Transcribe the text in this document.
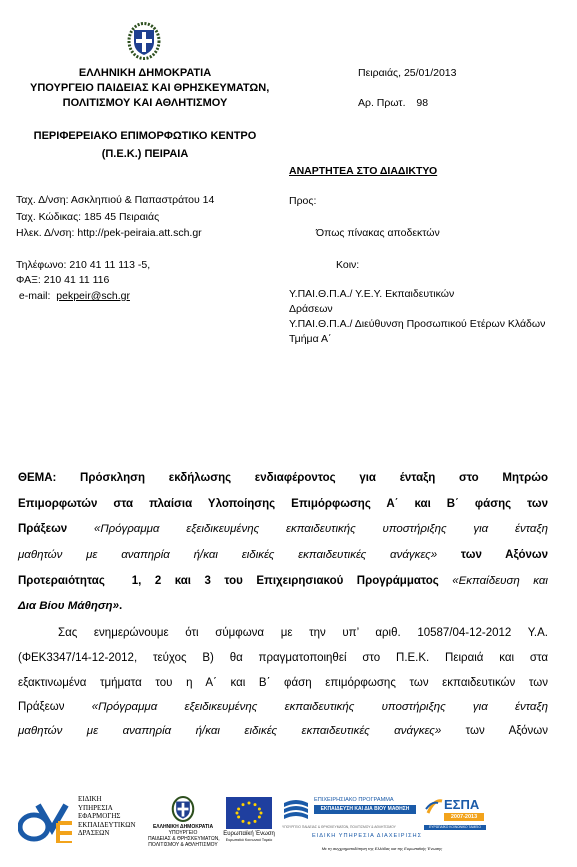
ΕΛΛΗΝΙΚΗ ΔΗΜΟΚΡΑΤΙΑ
ΥΠΟΥΡΓΕΙΟ ΠΑΙΔΕΙΑΣ ΚΑΙ ΘΡΗΣΚΕΥΜΑΤΩΝ,
ΠΟΛΙΤΙΣΜΟΥ ΚΑΙ ΑΘΛΗΤΙΣΜΟΥ
ΠΕΡΙΦΕΡΕΙΑΚΟ ΕΠΙΜΟΡΦΩΤΙΚΟ ΚΕΝΤΡΟ
(Π.Ε.Κ.) ΠΕΙΡΑΙΑ
Ταχ. Δ/νση: Ασκληπιού & Παπαστράτου 14
Ταχ. Κώδικας: 185 45 Πειραιάς
Ηλεκ. Δ/νση: http://pek-peiraia.att.sch.gr
Τηλέφωνο: 210 41 11 113 -5,
ΦΑΞ: 210 41 11 116
e-mail:  pekpeir@sch.gr
Πειραιάς, 25/01/2013
Αρ. Πρωτ. 98
ΑΝΑΡΤΗΤΕΑ ΣΤΟ ΔΙΑΔΙΚΤΥΟ
Προς:
Όπως πίνακας αποδεκτών
Κοιν:
Υ.ΠΑΙ.Θ.Π.Α./ Υ.Ε.Υ. Εκπαιδευτικών
Δράσεων
Υ.ΠΑΙ.Θ.Π.Α./ Διεύθυνση Προσωπικού Ετέρων Κλάδων
Τμήμα Α΄
ΘΕΜΑ: Πρόσκληση εκδήλωσης ενδιαφέροντος για ένταξη στο Μητρώο
Επιμορφωτών στα πλαίσια Υλοποίησης Επιμόρφωσης Α΄ και Β΄ φάσης των
Πράξεων «Πρόγραμμα εξειδικευμένης εκπαιδευτικής υποστήριξης για ένταξη
μαθητών με αναπηρία ή/και ειδικές εκπαιδευτικές ανάγκες» των Αξόνων
Προτεραιότητας  1, 2 και 3 του Επιχειρησιακού Προγράμματος «Εκπαίδευση και
Δια Βίου Μάθηση».
Σας ενημερώνουμε ότι σύμφωνα με την υπ’ αριθ. 10587/04-12-2012 Υ.Α.
(ΦΕΚ3347/14-12-2012, τεύχος Β) θα πραγματοποιηθεί στο Π.Ε.Κ. Πειραιά και στα
εξακτινωμένα τμήματα του η Α΄ και Β΄ φάση επιμόρφωσης των εκπαιδευτικών των
Πράξεων «Πρόγραμμα εξειδικευμένης εκπαιδευτικής υποστήριξης για ένταξη
μαθητών με αναπηρία ή/και ειδικές εκπαιδευτικές ανάγκες» των Αξόνων
ΕΙΔΙΚΗ
ΥΠΗΡΕΣΙΑ
ΕΦΑΡΜΟΓΗΣ
ΕΚΠΑΙΔΕΥΤΙΚΩΝ
ΔΡΑΣΕΩΝ
ΕΛΛΗΝΙΚΗ ΔΗΜΟΚΡΑΤΙΑ
ΥΠΟΥΡΓΕΙΟ
ΠΑΙΔΕΙΑΣ & ΘΡΗΣΚΕΥΜΑΤΩΝ,
ΠΟΛΙΤΙΣΜΟΥ & ΑΘΛΗΤΙΣΜΟΥ
Ευρωπαϊκή Ένωση
Ευρωπαϊκό Κοινωνικό Ταμείο
ΕΠΙΧΕΙΡΗΣΙΑΚΟ ΠΡΟΓΡΑΜΜΑ
ΕΚΠΑΙΔΕΥΣΗ ΚΑΙ ΔΙΑ ΒΙΟΥ ΜΑΘΗΣΗ
ΥΠΟΥΡΓΕΙΟ ΠΑΙΔΕΙΑΣ & ΘΡΗΣΚΕΥΜΑΤΩΝ, ΠΟΛΙΤΙΣΜΟΥ & ΑΘΛΗΤΙΣΜΟΥ
ΕΙΔΙΚΗ ΥΠΗΡΕΣΙΑ ΔΙΑΧΕΙΡΙΣΗΣ
ΕΣΠΑ
2007-2013
ΕΥΡΩΠΑΪΚΟ ΚΟΙΝΩΝΙΚΟ ΤΑΜΕΙΟ
Με τη συγχρηματοδότηση της Ελλάδας και της Ευρωπαϊκής Ένωσης
